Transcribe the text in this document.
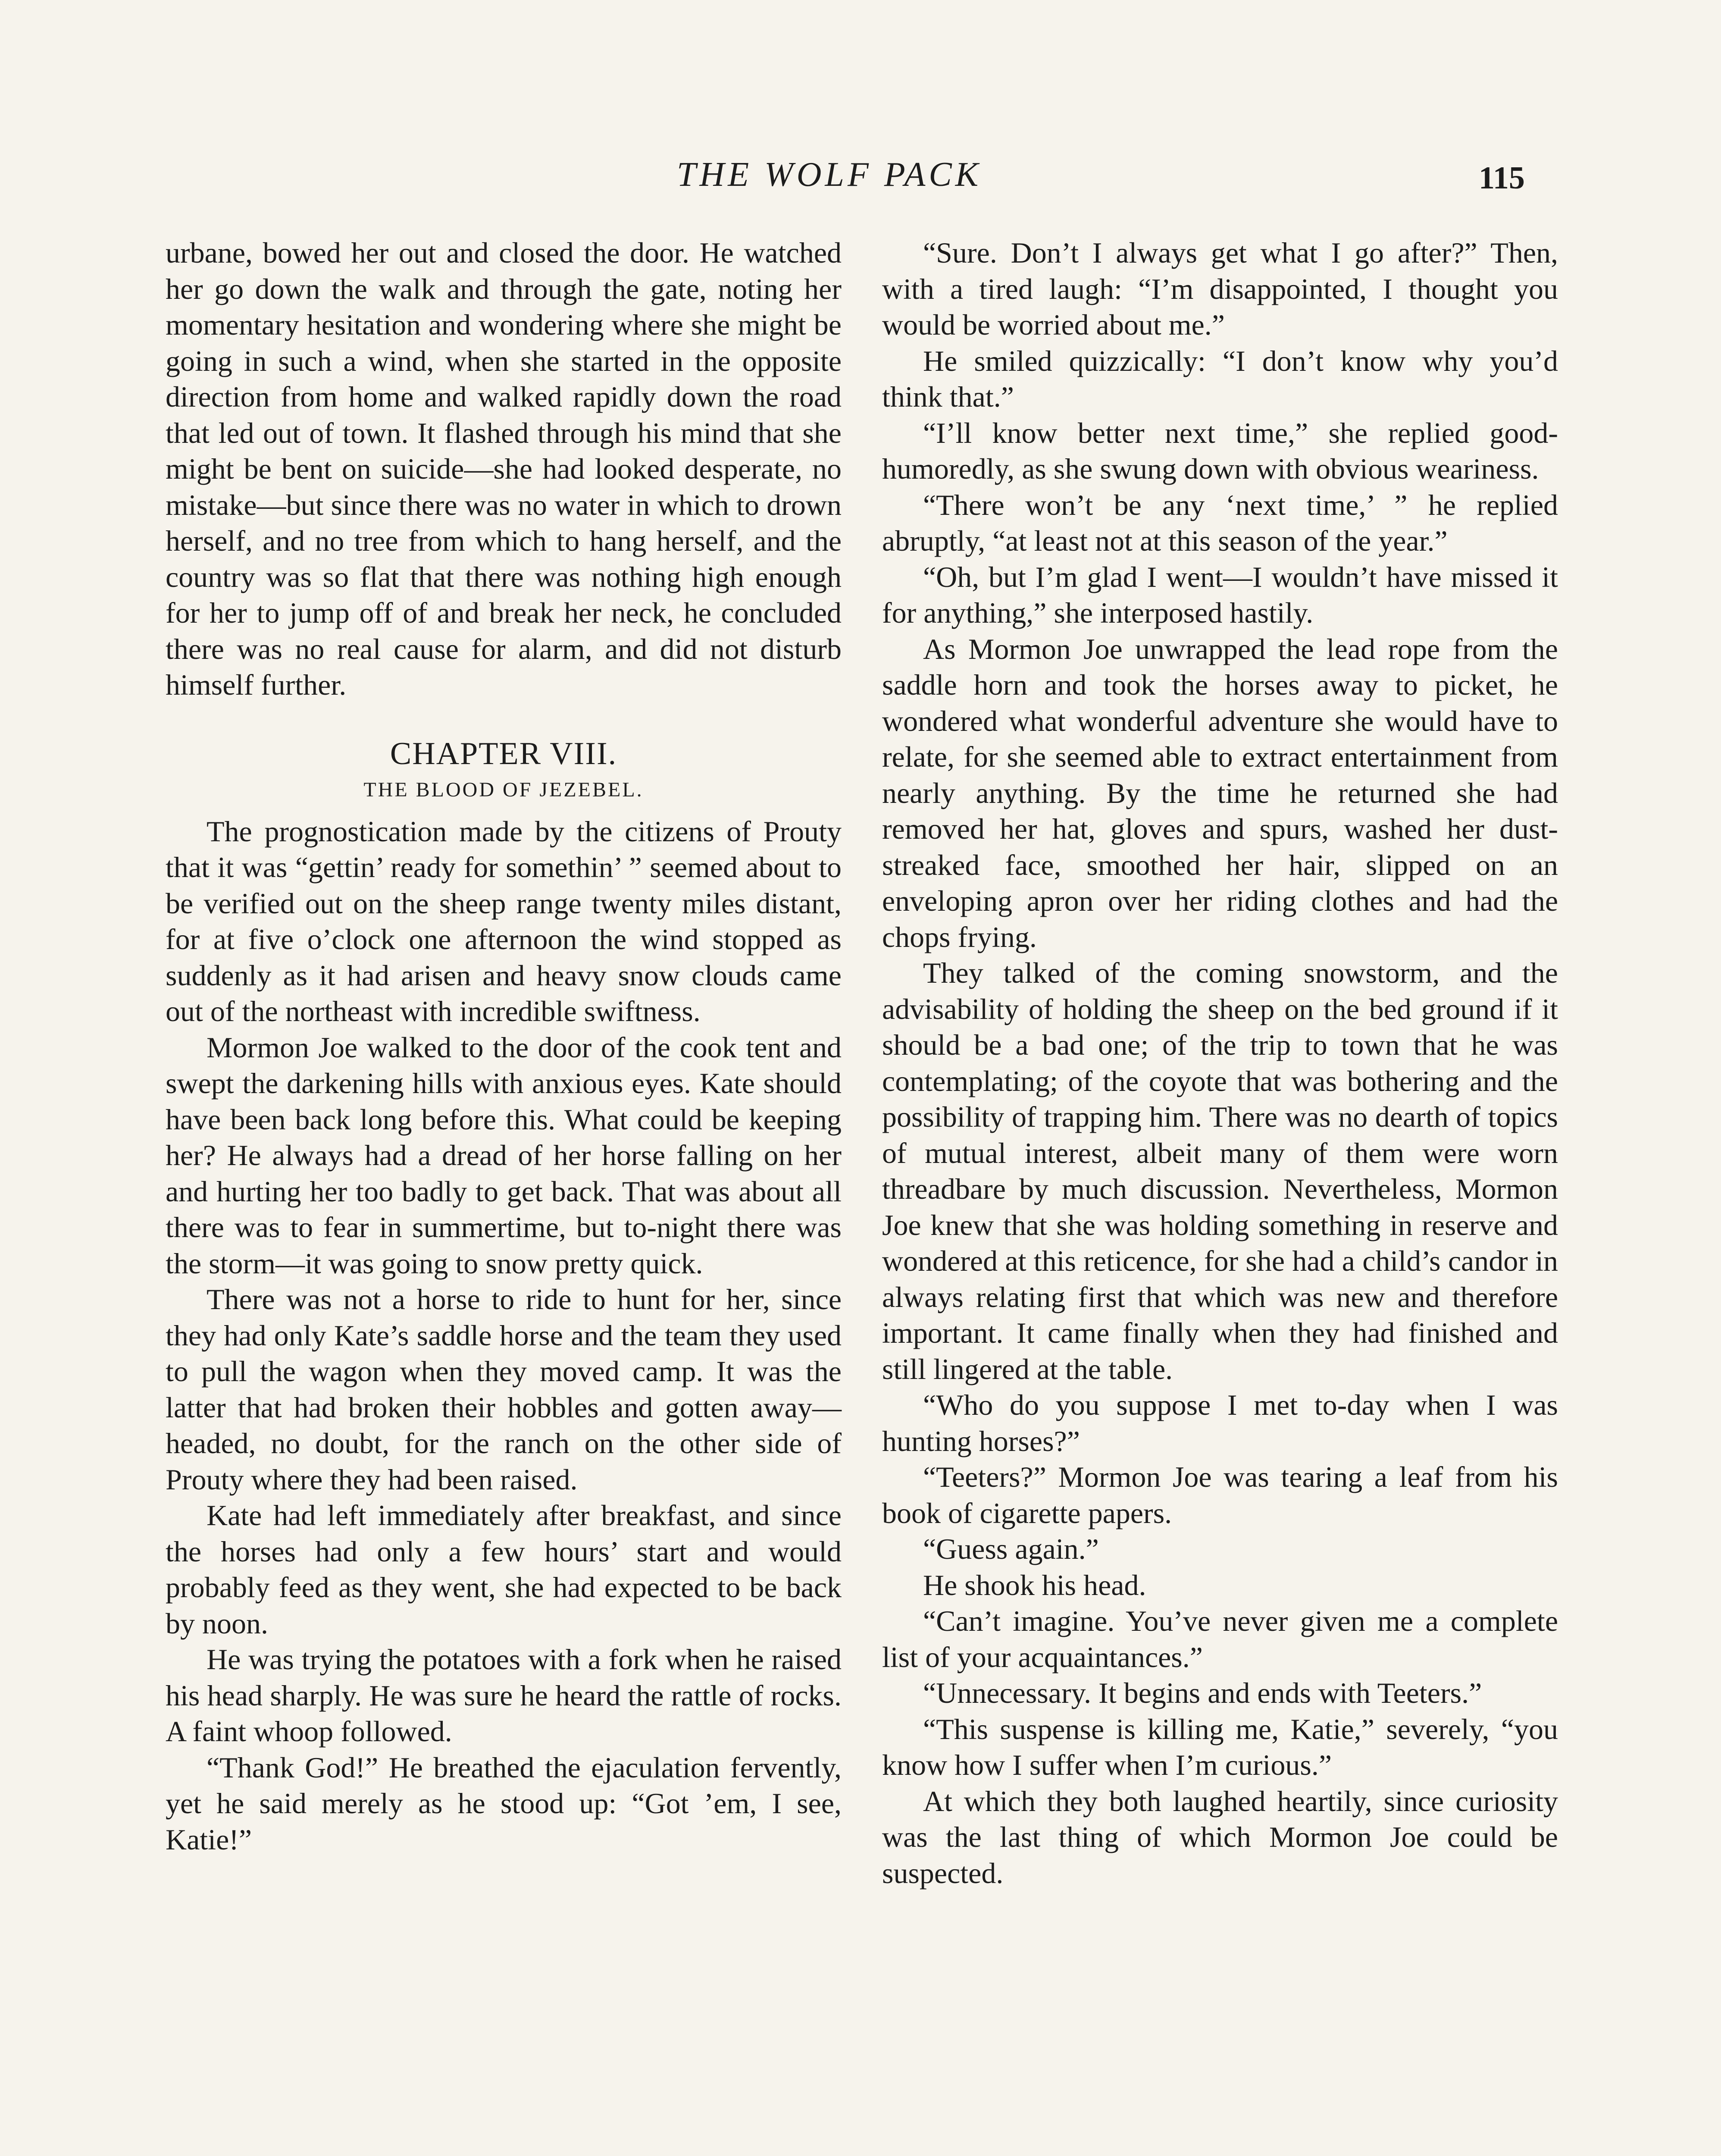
THE WOLF PACK	115

urbane, bowed her out and closed the door. He watched her go down the walk and through the gate, noting her momentary hesitation and wondering where she might be going in such a wind, when she started in the opposite direction from home and walked rapidly down the road that led out of town. It flashed through his mind that she might be bent on suicide—she had looked desperate, no mistake—but since there was no water in which to drown herself, and no tree from which to hang herself, and the country was so flat that there was nothing high enough for her to jump off of and break her neck, he concluded there was no real cause for alarm, and did not disturb himself further.

CHAPTER VIII.
THE BLOOD OF JEZEBEL.

The prognostication made by the citizens of Prouty that it was “gettin’ ready for somethin’ ” seemed about to be verified out on the sheep range twenty miles distant, for at five o’clock one afternoon the wind stopped as suddenly as it had arisen and heavy snow clouds came out of the northeast with incredible swiftness.

Mormon Joe walked to the door of the cook tent and swept the darkening hills with anxious eyes. Kate should have been back long before this. What could be keeping her? He always had a dread of her horse falling on her and hurting her too badly to get back. That was about all there was to fear in summertime, but to-night there was the storm—it was going to snow pretty quick.

There was not a horse to ride to hunt for her, since they had only Kate’s saddle horse and the team they used to pull the wagon when they moved camp. It was the latter that had broken their hobbles and gotten away—headed, no doubt, for the ranch on the other side of Prouty where they had been raised.

Kate had left immediately after breakfast, and since the horses had only a few hours’ start and would probably feed as they went, she had expected to be back by noon.

He was trying the potatoes with a fork when he raised his head sharply. He was sure he heard the rattle of rocks. A faint whoop followed.

“Thank God!” He breathed the ejaculation fervently, yet he said merely as he stood up: “Got ’em, I see, Katie!”

“Sure. Don’t I always get what I go after?” Then, with a tired laugh: “I’m disappointed, I thought you would be worried about me.”

He smiled quizzically: “I don’t know why you’d think that.”

“I’ll know better next time,” she replied good-humoredly, as she swung down with obvious weariness.

“There won’t be any ‘next time,’ ” he replied abruptly, “at least not at this season of the year.”

“Oh, but I’m glad I went—I wouldn’t have missed it for anything,” she interposed hastily.

As Mormon Joe unwrapped the lead rope from the saddle horn and took the horses away to picket, he wondered what wonderful adventure she would have to relate, for she seemed able to extract entertainment from nearly anything. By the time he returned she had removed her hat, gloves and spurs, washed her dust-streaked face, smoothed her hair, slipped on an enveloping apron over her riding clothes and had the chops frying.

They talked of the coming snowstorm, and the advisability of holding the sheep on the bed ground if it should be a bad one; of the trip to town that he was contemplating; of the coyote that was bothering and the possibility of trapping him. There was no dearth of topics of mutual interest, albeit many of them were worn threadbare by much discussion. Nevertheless, Mormon Joe knew that she was holding something in reserve and wondered at this reticence, for she had a child’s candor in always relating first that which was new and therefore important. It came finally when they had finished and still lingered at the table.

“Who do you suppose I met to-day when I was hunting horses?”

“Teeters?” Mormon Joe was tearing a leaf from his book of cigarette papers.

“Guess again.”

He shook his head.

“Can’t imagine. You’ve never given me a complete list of your acquaintances.”

“Unnecessary. It begins and ends with Teeters.”

“This suspense is killing me, Katie,” severely, “you know how I suffer when I’m curious.”

At which they both laughed heartily, since curiosity was the last thing of which Mormon Joe could be suspected.
